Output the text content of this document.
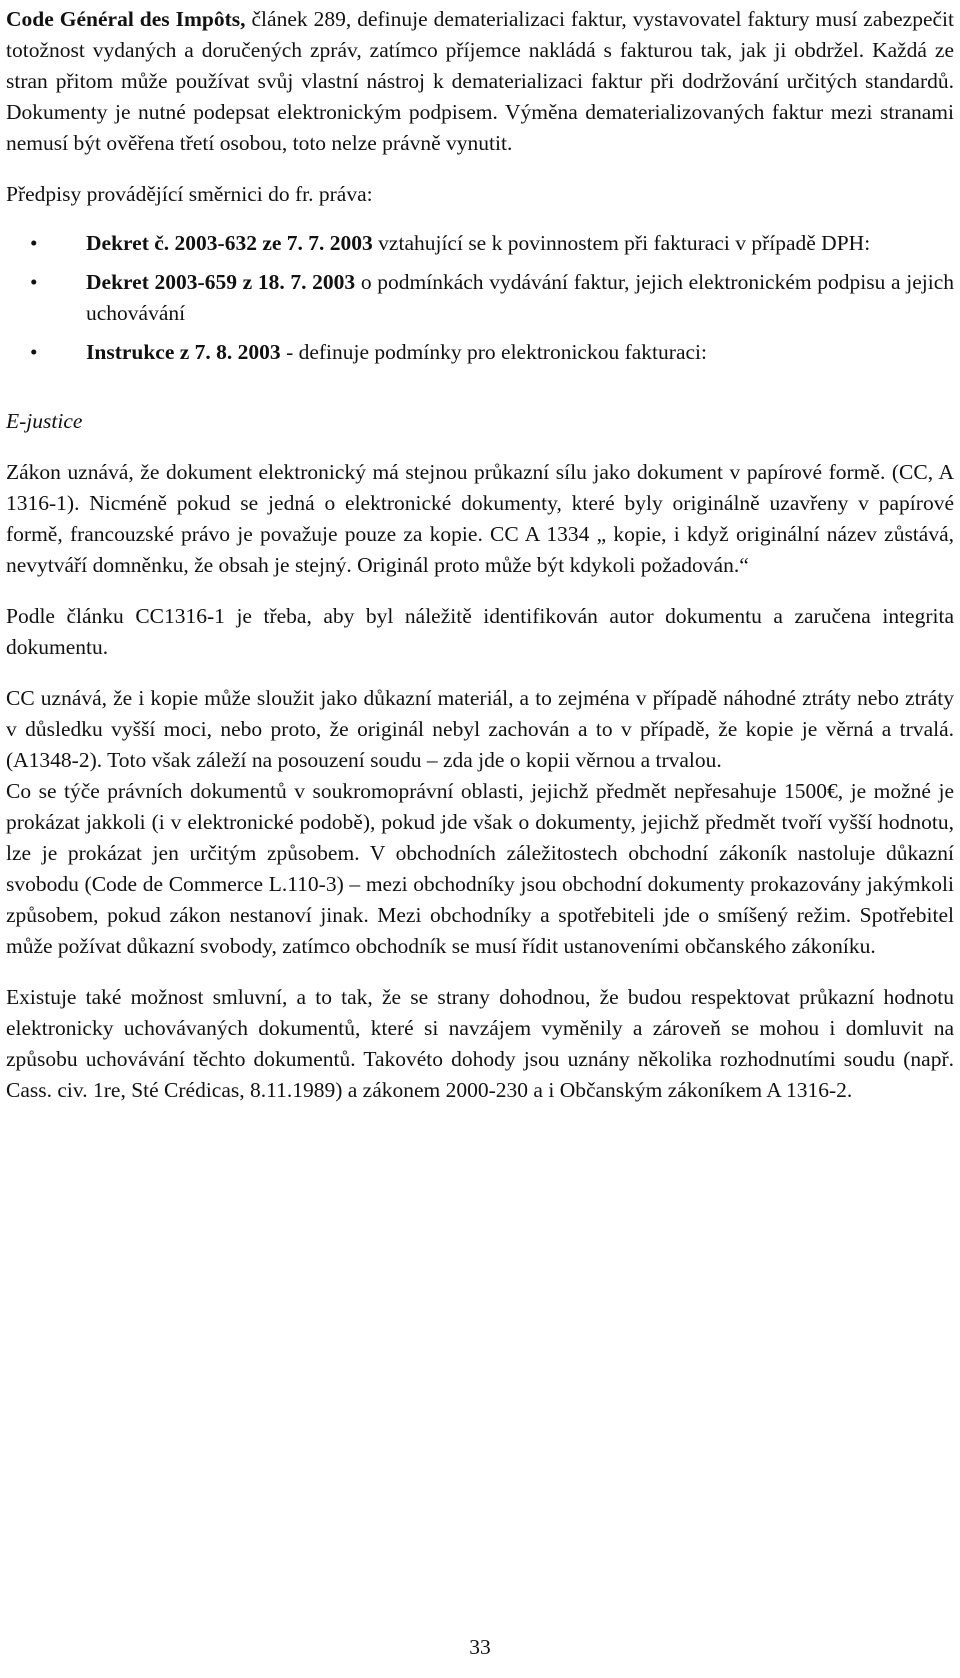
Code Général des Impôts, článek 289, definuje dematerializaci faktur, vystavovatel faktury musí zabezpečit totožnost vydaných a doručených zpráv, zatímco příjemce nakládá s fakturou tak, jak ji obdržel. Každá ze stran přitom může používat svůj vlastní nástroj k dematerializaci faktur při dodržování určitých standardů. Dokumenty je nutné podepsat elektronickým podpisem. Výměna dematerializovaných faktur mezi stranami nemusí být ověřena třetí osobou, toto nelze právně vynutit.

Předpisy provádějící směrnici do fr. práva:

•	Dekret č. 2003-632 ze 7. 7. 2003 vztahující se k povinnostem při fakturaci v případě DPH:
•	Dekret 2003-659 z 18. 7. 2003 o podmínkách vydávání faktur, jejich elektronickém podpisu a jejich uchovávání
•	Instrukce z 7. 8. 2003 - definuje podmínky pro elektronickou fakturaci:

E-justice

Zákon uznává, že dokument elektronický má stejnou průkazní sílu jako dokument v papírové formě. (CC, A 1316-1). Nicméně pokud se jedná o elektronické dokumenty, které byly originálně uzavřeny v papírové formě, francouzské právo je považuje pouze za kopie. CC A 1334 „ kopie, i když originální název zůstává, nevytváří domněnku, že obsah je stejný. Originál proto může být kdykoli požadován.“

Podle článku CC1316-1 je třeba, aby byl náležitě identifikován autor dokumentu a zaručena integrita dokumentu.

CC uznává, že i kopie může sloužit jako důkazní materiál, a to zejména v případě náhodné ztráty nebo ztráty v důsledku vyšší moci, nebo proto, že originál nebyl zachován a to v případě, že kopie je věrná a trvalá. (A1348-2). Toto však záleží na posouzení soudu – zda jde o kopii věrnou a trvalou.

Co se týče právních dokumentů v soukromoprávní oblasti, jejichž předmět nepřesahuje 1500€, je možné je prokázat jakkoli (i v elektronické podobě), pokud jde však o dokumenty, jejichž předmět tvoří vyšší hodnotu, lze je prokázat jen určitým způsobem. V obchodních záležitostech obchodní zákoník nastoluje důkazní svobodu (Code de Commerce L.110-3) – mezi obchodníky jsou obchodní dokumenty prokazovány jakýmkoli způsobem, pokud zákon nestanoví jinak. Mezi obchodníky a spotřebiteli jde o smíšený režim. Spotřebitel může požívat důkazní svobody, zatímco obchodník se musí řídit ustanoveními občanského zákoníku.

Existuje také možnost smluvní, a to tak, že se strany dohodnou, že budou respektovat průkazní hodnotu elektronicky uchovávaných dokumentů, které si navzájem vyměnily a zároveň se mohou i domluvit na způsobu uchovávání těchto dokumentů. Takovéto dohody jsou uznány několika rozhodnutími soudu (např. Cass. civ. 1re, Sté Crédicas, 8.11.1989) a zákonem 2000-230 a i Občanským zákoníkem A 1316-2.

33
